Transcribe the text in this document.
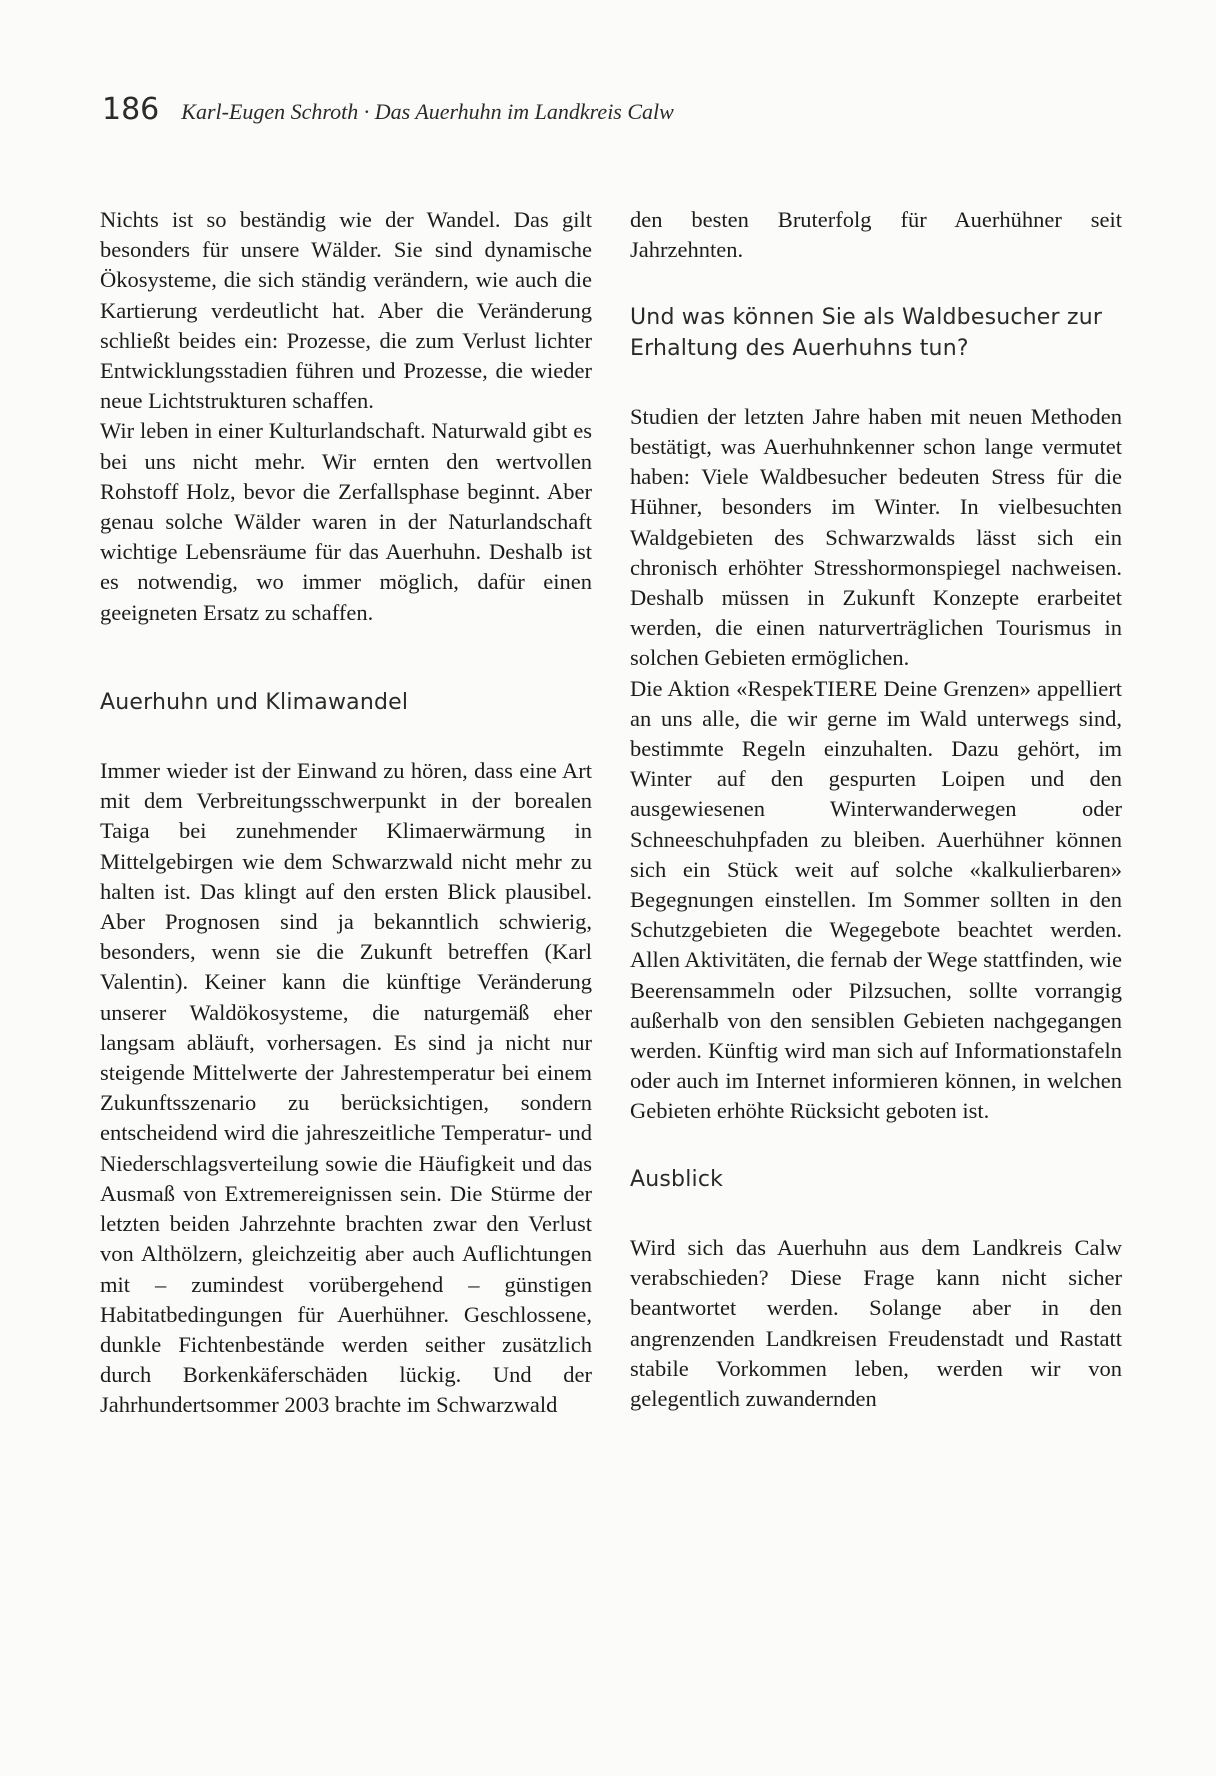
186 Karl-Eugen Schroth · Das Auerhuhn im Landkreis Calw

Nichts ist so beständig wie der Wandel. Das gilt besonders für unsere Wälder. Sie sind dynamische Ökosysteme, die sich ständig verändern, wie auch die Kartierung verdeutlicht hat. Aber die Veränderung schließt beides ein: Prozesse, die zum Verlust lichter Entwicklungsstadien führen und Prozesse, die wieder neue Lichtstrukturen schaffen.

Wir leben in einer Kulturlandschaft. Naturwald gibt es bei uns nicht mehr. Wir ernten den wertvollen Rohstoff Holz, bevor die Zerfallsphase beginnt. Aber genau solche Wälder waren in der Naturlandschaft wichtige Lebensräume für das Auerhuhn. Deshalb ist es notwendig, wo immer möglich, dafür einen geeigneten Ersatz zu schaffen.

Auerhuhn und Klimawandel

Immer wieder ist der Einwand zu hören, dass eine Art mit dem Verbreitungsschwerpunkt in der borealen Taiga bei zunehmender Klimaerwärmung in Mittelgebirgen wie dem Schwarzwald nicht mehr zu halten ist. Das klingt auf den ersten Blick plausibel. Aber Prognosen sind ja bekanntlich schwierig, besonders, wenn sie die Zukunft betreffen (Karl Valentin). Keiner kann die künftige Veränderung unserer Waldökosysteme, die naturgemäß eher langsam abläuft, vorhersagen. Es sind ja nicht nur steigende Mittelwerte der Jahrestemperatur bei einem Zukunftsszenario zu berücksichtigen, sondern entscheidend wird die jahreszeitliche Temperatur- und Niederschlagsverteilung sowie die Häufigkeit und das Ausmaß von Extremereignissen sein. Die Stürme der letzten beiden Jahrzehnte brachten zwar den Verlust von Althölzern, gleichzeitig aber auch Auflichtungen mit – zumindest vorübergehend – günstigen Habitatbedingungen für Auerhühner. Geschlossene, dunkle Fichtenbestände werden seither zusätzlich durch Borkenkäferschäden lückig. Und der Jahrhundertsommer 2003 brachte im Schwarzwald

den besten Bruterfolg für Auerhühner seit Jahrzehnten.

Und was können Sie als Waldbesucher zur Erhaltung des Auerhuhns tun?

Studien der letzten Jahre haben mit neuen Methoden bestätigt, was Auerhuhnkenner schon lange vermutet haben: Viele Waldbesucher bedeuten Stress für die Hühner, besonders im Winter. In vielbesuchten Waldgebieten des Schwarzwalds lässt sich ein chronisch erhöhter Stresshormonspiegel nachweisen. Deshalb müssen in Zukunft Konzepte erarbeitet werden, die einen naturverträglichen Tourismus in solchen Gebieten ermöglichen.

Die Aktion «RespekTIERE Deine Grenzen» appelliert an uns alle, die wir gerne im Wald unterwegs sind, bestimmte Regeln einzuhalten. Dazu gehört, im Winter auf den gespurten Loipen und den ausgewiesenen Winterwanderwegen oder Schneeschuhpfaden zu bleiben. Auerhühner können sich ein Stück weit auf solche «kalkulierbaren» Begegnungen einstellen. Im Sommer sollten in den Schutzgebieten die Wegegebote beachtet werden. Allen Aktivitäten, die fernab der Wege stattfinden, wie Beerensammeln oder Pilzsuchen, sollte vorrangig außerhalb von den sensiblen Gebieten nachgegangen werden. Künftig wird man sich auf Informationstafeln oder auch im Internet informieren können, in welchen Gebieten erhöhte Rücksicht geboten ist.

Ausblick

Wird sich das Auerhuhn aus dem Landkreis Calw verabschieden? Diese Frage kann nicht sicher beantwortet werden. Solange aber in den angrenzenden Landkreisen Freudenstadt und Rastatt stabile Vorkommen leben, werden wir von gelegentlich zuwandernden
